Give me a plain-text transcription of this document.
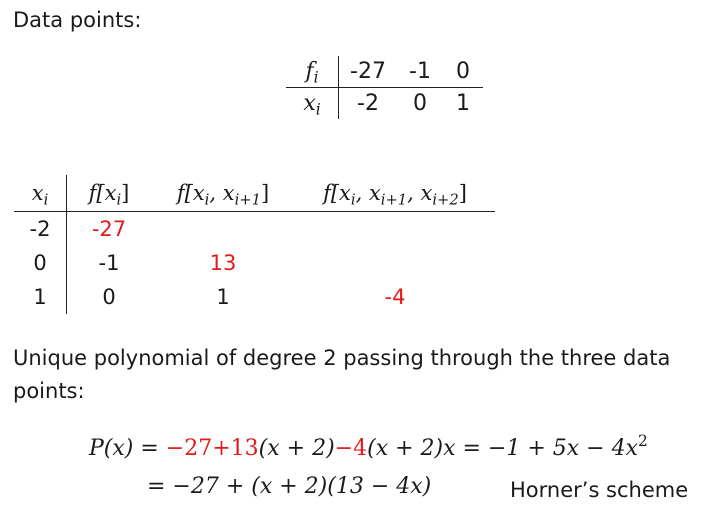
Data points:
$f_i$	-27	-1	0
$x_i$	-2	0	1
$x_i$	$f[x_i]$	$f[x_i$, $x_{i+1}$]	$f[x_i$, $x_{i+1}$, $x_{i+2}$]
-2	-27		
0	-1	13	
1	0	1	-4
Unique polynomial of degree 2 passing through the three data points:
$P(x) = -27+13(x + 2)-4(x + 2)x = -1 + 5x - 4x^2$
= −27 + (x + 2)(13 − 4x)	Horner’s scheme
